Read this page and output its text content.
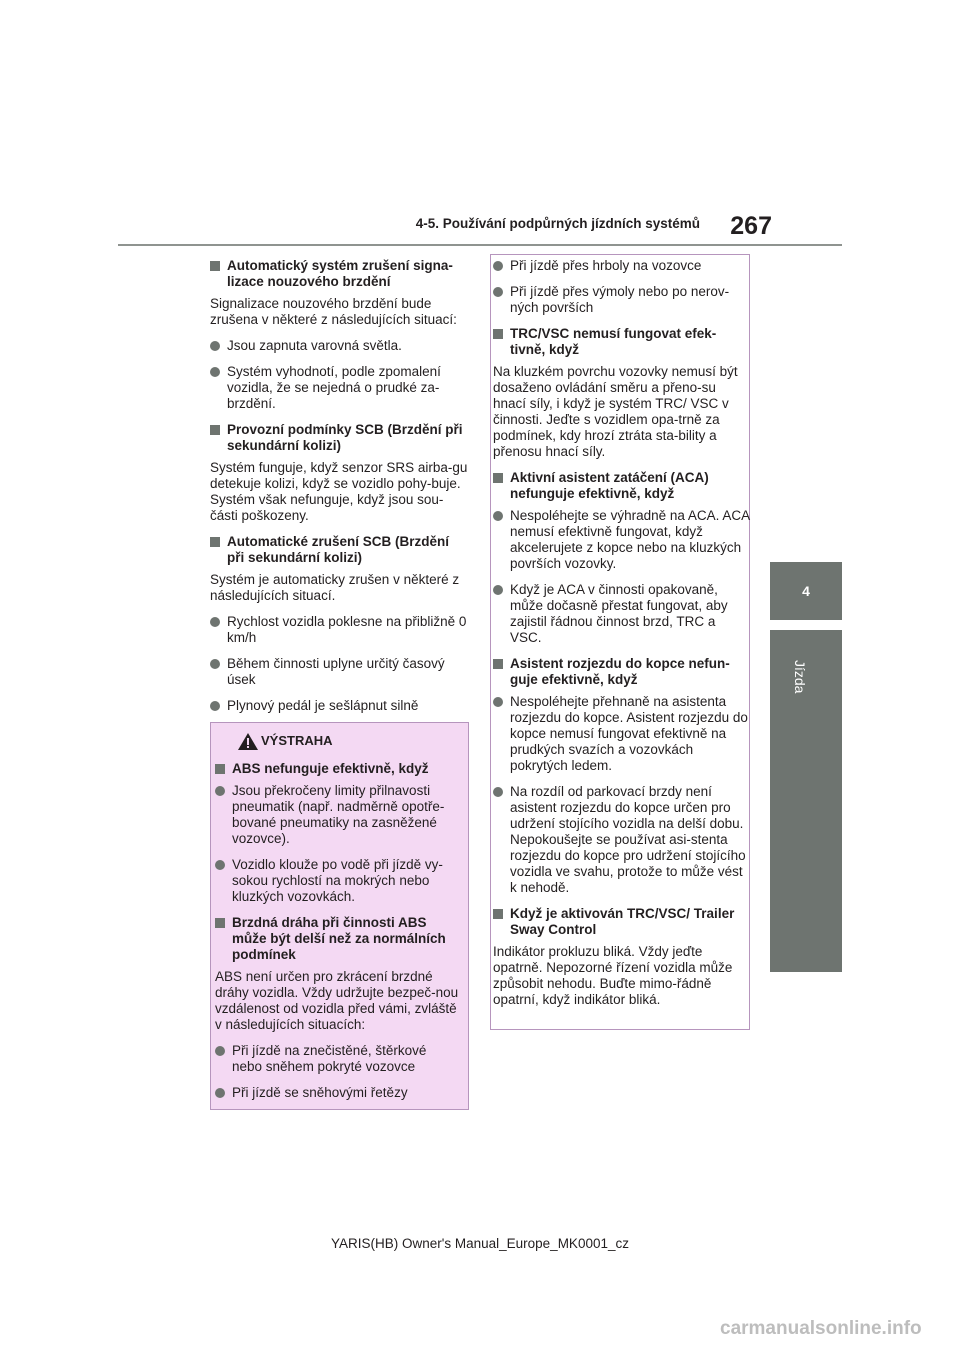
4-5. Používání podpůrných jízdních systémů	267
4
Jízda
Automatický systém zrušení signa-lizace nouzového brzdění
Signalizace nouzového brzdění bude zrušena v některé z následujících situací:
Jsou zapnuta varovná světla.
Systém vyhodnotí, podle zpomalení vozidla, že se nejedná o prudké za-brzdění.
Provozní podmínky SCB (Brzdění při sekundární kolizi)
Systém funguje, když senzor SRS airba-gu detekuje kolizi, když se vozidlo pohy-buje. Systém však nefunguje, když jsou sou-části poškozeny.
Automatické zrušení SCB (Brzdění při sekundární kolizi)
Systém je automaticky zrušen v některé z následujících situací.
Rychlost vozidla poklesne na přibližně 0 km/h
Během činnosti uplyne určitý časový úsek
Plynový pedál je sešlápnut silně
VÝSTRAHA
ABS nefunguje efektivně, když
Jsou překročeny limity přilnavosti pneumatik (např. nadměrně opotře-bované pneumatiky na zasněžené vozovce).
Vozidlo klouže po vodě při jízdě vy-sokou rychlostí na mokrých nebo kluzkých vozovkách.
Brzdná dráha při činnosti ABS může být delší než za normálních podmínek
ABS není určen pro zkrácení brzdné dráhy vozidla. Vždy udržujte bezpeč-nou vzdálenost od vozidla před vámi, zvláště v následujících situacích:
Při jízdě na znečistěné, štěrkové nebo sněhem pokryté vozovce
Při jízdě se sněhovými řetězy
Při jízdě přes hrboly na vozovce
Při jízdě přes výmoly nebo po nerov-ných površích
TRC/VSC nemusí fungovat efek-tivně, když
Na kluzkém povrchu vozovky nemusí být dosaženo ovládání směru a přeno-su hnací síly, i když je systém TRC/ VSC v činnosti. Jeďte s vozidlem opa-trně za podmínek, kdy hrozí ztráta sta-bility a přenosu hnací síly.
Aktivní asistent zatáčení (ACA) nefunguje efektivně, když
Nespoléhejte se výhradně na ACA. ACA nemusí efektivně fungovat, když akcelerujete z kopce nebo na kluzkých površích vozovky.
Když je ACA v činnosti opakovaně, může dočasně přestat fungovat, aby zajistil řádnou činnost brzd, TRC a VSC.
Asistent rozjezdu do kopce nefun-guje efektivně, když
Nespoléhejte přehnaně na asistenta rozjezdu do kopce. Asistent rozjezdu do kopce nemusí fungovat efektivně na prudkých svazích a vozovkách pokrytých ledem.
Na rozdíl od parkovací brzdy není asistent rozjezdu do kopce určen pro udržení stojícího vozidla na delší dobu. Nepokoušejte se používat asi-stenta rozjezdu do kopce pro udržení stojícího vozidla ve svahu, protože to může vést k nehodě.
Když je aktivován TRC/VSC/ Trailer Sway Control
Indikátor prokluzu bliká. Vždy jeďte opatrně. Nepozorné řízení vozidla může způsobit nehodu. Buďte mimo-řádně opatrní, když indikátor bliká.
YARIS(HB) Owner's Manual_Europe_MK0001_cz
carmanualsonline.info
